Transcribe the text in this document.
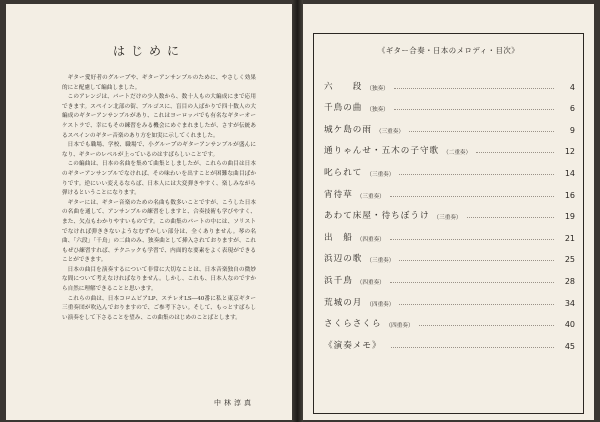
はじめに

ギター愛好者のグループや、ギターアンサンブルのために、やさしく効果的にと配慮して編曲しました。

このアレンジは、パートだけの少人数から、数十人もの大編成にまで応用できます。スペイン北部の街、ブルゴスに、盲目の人ばかりで四十数人の大編成のギターアンサンブルがあり、これはヨーロッパでも有名なギターオーケストラで、幸にもその練習をみる機会にめぐまれましたが、さすが伝統あるスペインのギター音楽のあり方を如実に示してくれました。

日本でも職場、学校、職場で、小グループのギターアンサンブルが盛んになり、ギターのレベルが上っているのはすばらしいことです。

この編曲は、日本の名曲を集めて曲集としましたが、これらの曲目は日本のギターアンサンブルでなければ、その味わいを出すことが困難な曲目ばかりです。逆にいい変えるならば、日本人には大変弾きやすく、楽しみながら弾けるということになります。

ギターには、ギター音楽のための名曲も数多いことですが、こうした日本の名曲を通して、アンサンブルの練習をしますと、合奏技術も学びやすく、また、欠点もわかりやすいものです。この曲集のパートの中には、ソリストでなければ弾ききないようなむずかしい部分は、全くありません。琴の名曲、「六段」「千鳥」の二曲のみ、独奏曲として挿入されておりますが、これもぜひ練習すれば、テクニックも学習で、内面的な要素をよく表現ができることができます。

日本の曲目を演奏するについて非常に大切なことは、日本音楽独自の微妙な間について考えなければなりません。しかし、これも、日本人なのですから自然に理解できることと思います。

これらの曲は、日本コロムビアLP、ステレオLS—40番に私と東京ギター三重奏団が吹込んでおりますので、ご参考下さい。そして、もっとすばらしい演奏をして下さることを望み、この曲集のはじめのことばとします。

中林淳真
《ギター合奏・日本のメロディ・目次》
六　　段 （独奏）	4
千鳥の曲 （独奏）	6
城ケ島の雨 （三重奏）	9
通りゃんせ・五木の子守歌 （二重奏）	12
叱られて （三重奏）	14
宵待草 （三重奏）	16
あわて床屋・待ちぼうけ （三重奏）	19
出　船 （四重奏）	21
浜辺の歌 （三重奏）	25
浜千鳥 （四重奏）	28
荒城の月 （四重奏）	34
さくらさくら （四重奏）	40
《演奏メモ》	45
